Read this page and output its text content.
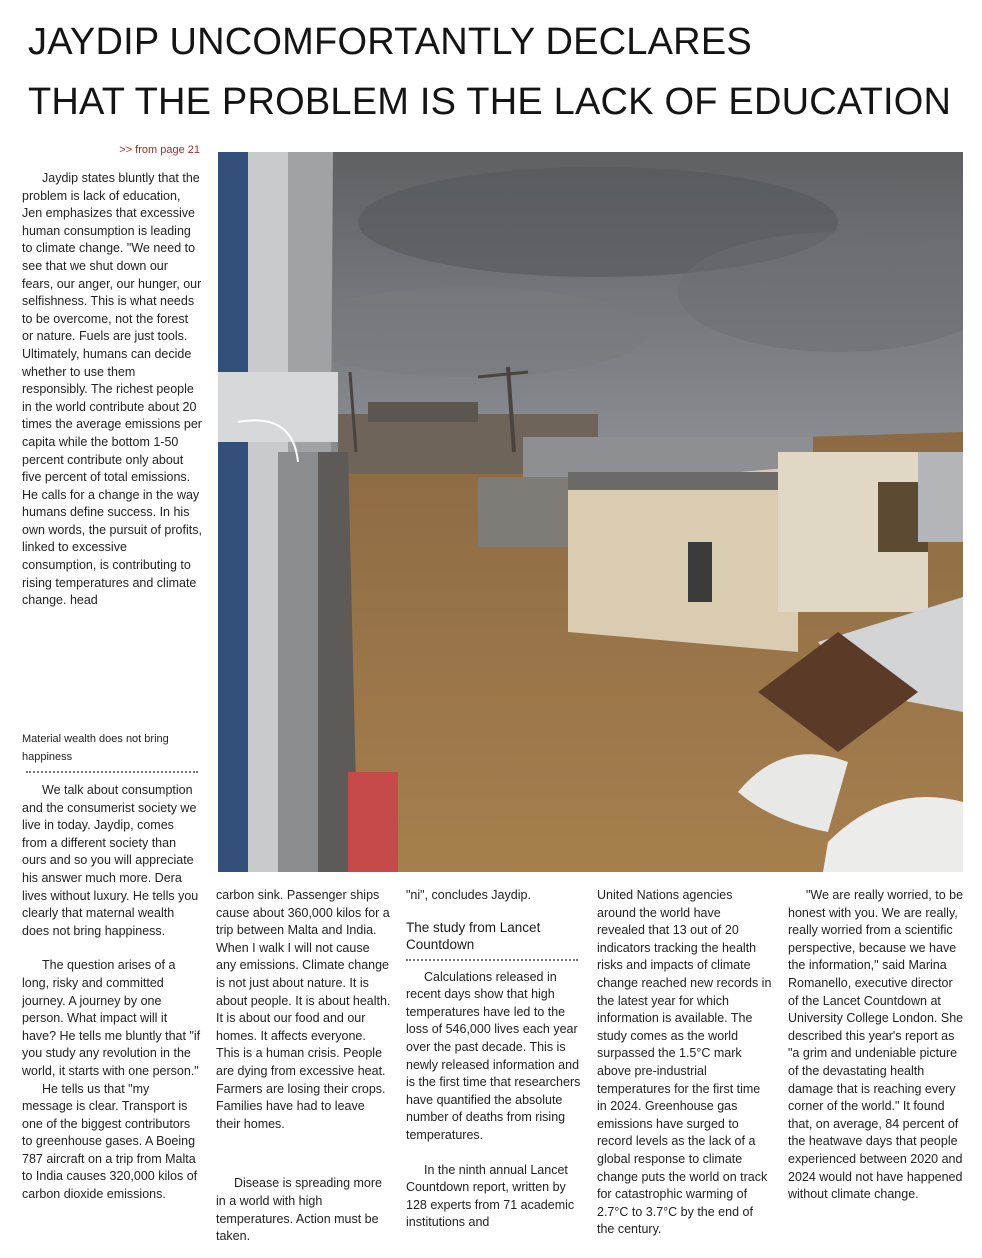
JAYDIP UNCOMFORTANTLY DECLARES
THAT THE PROBLEM IS THE LACK OF EDUCATION
>> from page 21

Jaydip states bluntly that the problem is lack of education, Jen emphasizes that excessive human consumption is leading to climate change. "We need to see that we shut down our fears, our anger, our hunger, our selfishness. This is what needs to be overcome, not the forest or nature. Fuels are just tools. Ultimately, humans can decide whether to use them responsibly. The richest people in the world contribute about 20 times the average emissions per capita while the bottom 1-50 percent contribute only about five percent of total emissions. He calls for a change in the way humans define success. In his own words, the pursuit of profits, linked to excessive consumption, is contributing to rising temperatures and climate change. head

Material wealth does not bring happiness

We talk about consumption and the consumerist society we live in today. Jaydip, comes from a different society than ours and so you will appreciate his answer much more. Dera lives without luxury. He tells you clearly that maternal wealth does not bring happiness.

The question arises of a long, risky and committed journey. A journey by one person. What impact will it have? He tells me bluntly that "if you study any revolution in the world, it starts with one person."

He tells us that "my message is clear. Transport is one of the biggest contributors to greenhouse gases. A Boeing 787 aircraft on a trip from Malta to India causes 320,000 kilos of carbon dioxide emissions.

carbon sink. Passenger ships cause about 360,000 kilos for a trip between Malta and India. When I walk I will not cause any emissions. Climate change is not just about nature. It is about people. It is about health. It is about our food and our homes. It affects everyone. This is a human crisis. People are dying from excessive heat. Farmers are losing their crops. Families have had to leave their homes.

Disease is spreading more in a world with high temperatures. Action must be taken.

"ni", concludes Jaydip.

The study from Lancet Countdown

Calculations released in recent days show that high temperatures have led to the loss of 546,000 lives each year over the past decade. This is newly released information and is the first time that researchers have quantified the absolute number of deaths from rising temperatures.

In the ninth annual Lancet Countdown report, written by 128 experts from 71 academic institutions and

United Nations agencies around the world have revealed that 13 out of 20 indicators tracking the health risks and impacts of climate change reached new records in the latest year for which information is available. The study comes as the world surpassed the 1.5°C mark above pre-industrial temperatures for the first time in 2024. Greenhouse gas emissions have surged to record levels as the lack of a global response to climate change puts the world on track for catastrophic warming of 2.7°C to 3.7°C by the end of the century.

"We are really worried, to be honest with you. We are really, really worried from a scientific perspective, because we have the information," said Marina Romanello, executive director of the Lancet Countdown at University College London. She described this year's report as "a grim and undeniable picture of the devastating health damage that is reaching every corner of the world." It found that, on average, 84 percent of the heatwave days that people experienced between 2020 and 2024 would not have happened without climate change.
